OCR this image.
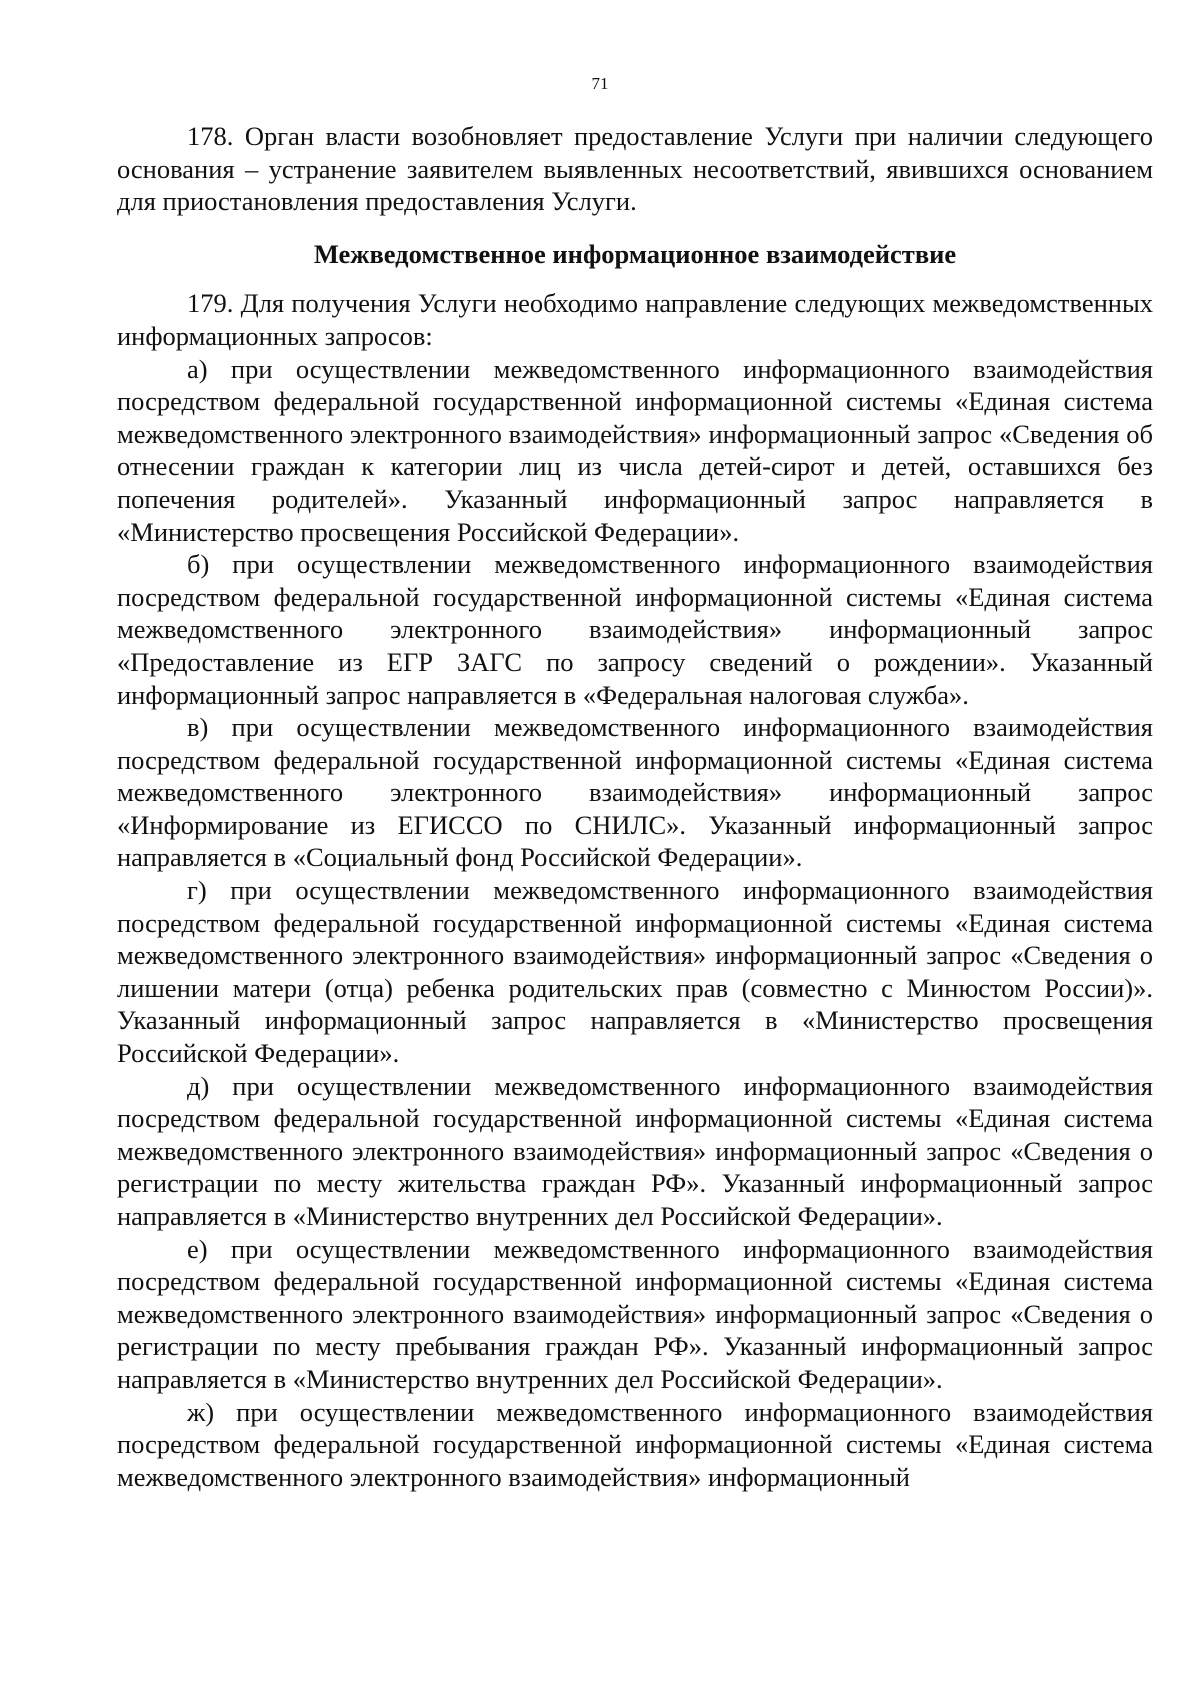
71

178. Орган власти возобновляет предоставление Услуги при наличии следующего основания – устранение заявителем выявленных несоответствий, явившихся основанием для приостановления предоставления Услуги.

Межведомственное информационное взаимодействие

179. Для получения Услуги необходимо направление следующих межведомственных информационных запросов:

а) при осуществлении межведомственного информационного взаимодействия посредством федеральной государственной информационной системы «Единая система межведомственного электронного взаимодействия» информационный запрос «Сведения об отнесении граждан к категории лиц из числа детей-сирот и детей, оставшихся без попечения родителей». Указанный информационный запрос направляется в «Министерство просвещения Российской Федерации».

б) при осуществлении межведомственного информационного взаимодействия посредством федеральной государственной информационной системы «Единая система межведомственного электронного взаимодействия» информационный запрос «Предоставление из ЕГР ЗАГС по запросу сведений о рождении». Указанный информационный запрос направляется в «Федеральная налоговая служба».

в) при осуществлении межведомственного информационного взаимодействия посредством федеральной государственной информационной системы «Единая система межведомственного электронного взаимодействия» информационный запрос «Информирование из ЕГИССО по СНИЛС». Указанный информационный запрос направляется в «Социальный фонд Российской Федерации».

г) при осуществлении межведомственного информационного взаимодействия посредством федеральной государственной информационной системы «Единая система межведомственного электронного взаимодействия» информационный запрос «Сведения о лишении матери (отца) ребенка родительских прав (совместно с Минюстом России)». Указанный информационный запрос направляется в «Министерство просвещения Российской Федерации».

д) при осуществлении межведомственного информационного взаимодействия посредством федеральной государственной информационной системы «Единая система межведомственного электронного взаимодействия» информационный запрос «Сведения о регистрации по месту жительства граждан РФ». Указанный информационный запрос направляется в «Министерство внутренних дел Российской Федерации».

е) при осуществлении межведомственного информационного взаимодействия посредством федеральной государственной информационной системы «Единая система межведомственного электронного взаимодействия» информационный запрос «Сведения о регистрации по месту пребывания граждан РФ». Указанный информационный запрос направляется в «Министерство внутренних дел Российской Федерации».

ж) при осуществлении межведомственного информационного взаимодействия посредством федеральной государственной информационной системы «Единая система межведомственного электронного взаимодействия» информационный
